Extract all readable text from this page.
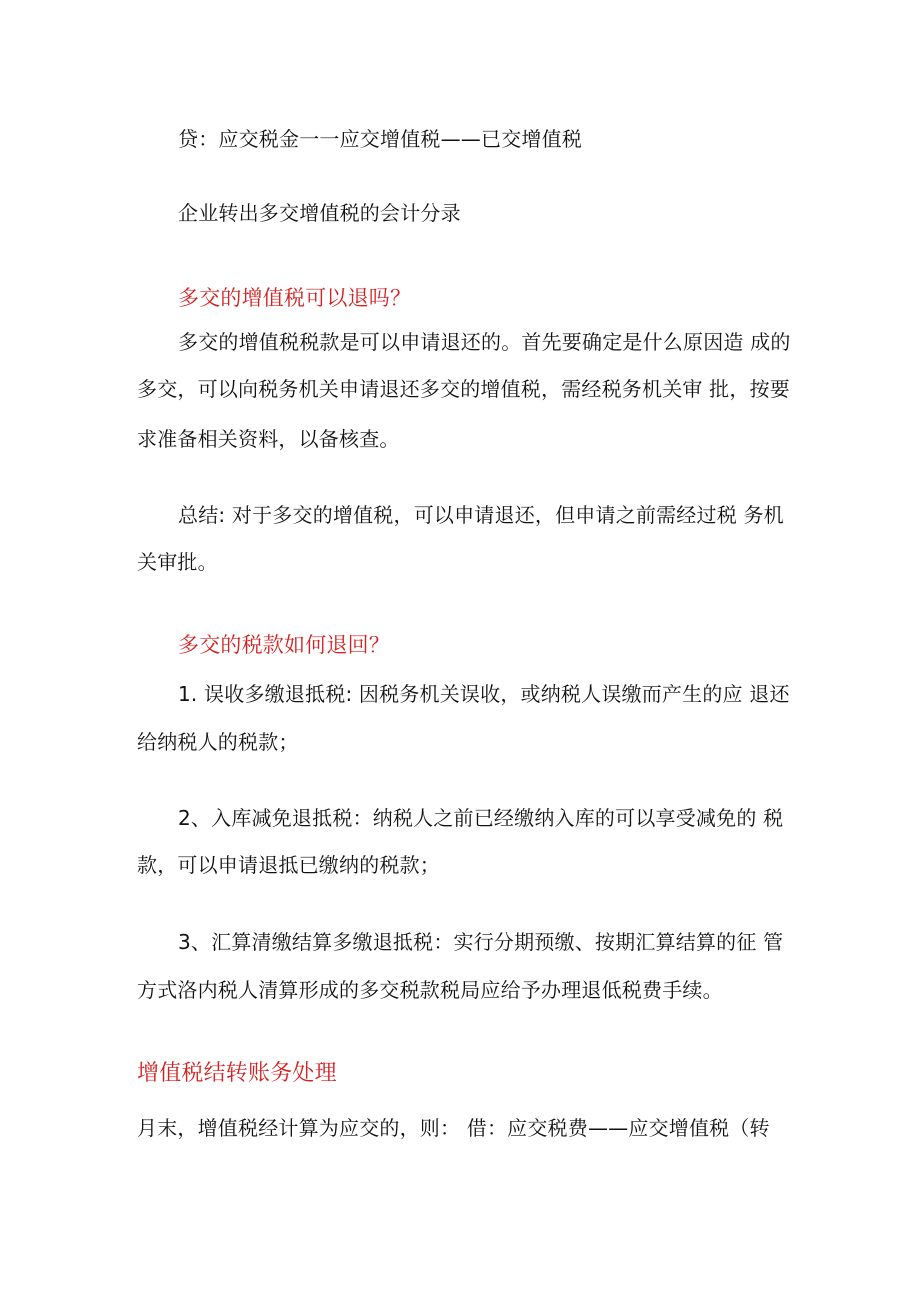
贷：应交税金一一应交增值税——已交增值税
企业转出多交增值税的会计分录
多交的增值税可以退吗？
多交的增值税税款是可以申请退还的。首先要确定是什么原因造 成的
多交，可以向税务机关申请退还多交的增值税，需经税务机关审 批，按要
求准备相关资料，以备核查。
总结: 对于多交的增值税，可以申请退还，但申请之前需经过税 务机
关审批。
多交的税款如何退回？
1. 误收多缴退抵税: 因税务机关误收，或纳税人误缴而产生的应 退还
给纳税人的税款；
2、入库减免退抵税：纳税人之前已经缴纳入库的可以享受减免的 税
款，可以申请退抵已缴纳的税款；
3、汇算清缴结算多缴退抵税：实行分期预缴、按期汇算结算的征 管
方式洛内税人清算形成的多交税款税局应给予办理退低税费手续。
增值税结转账务处理
月末，增值税经计算为应交的，则： 借：应交税费——应交增值税（转
